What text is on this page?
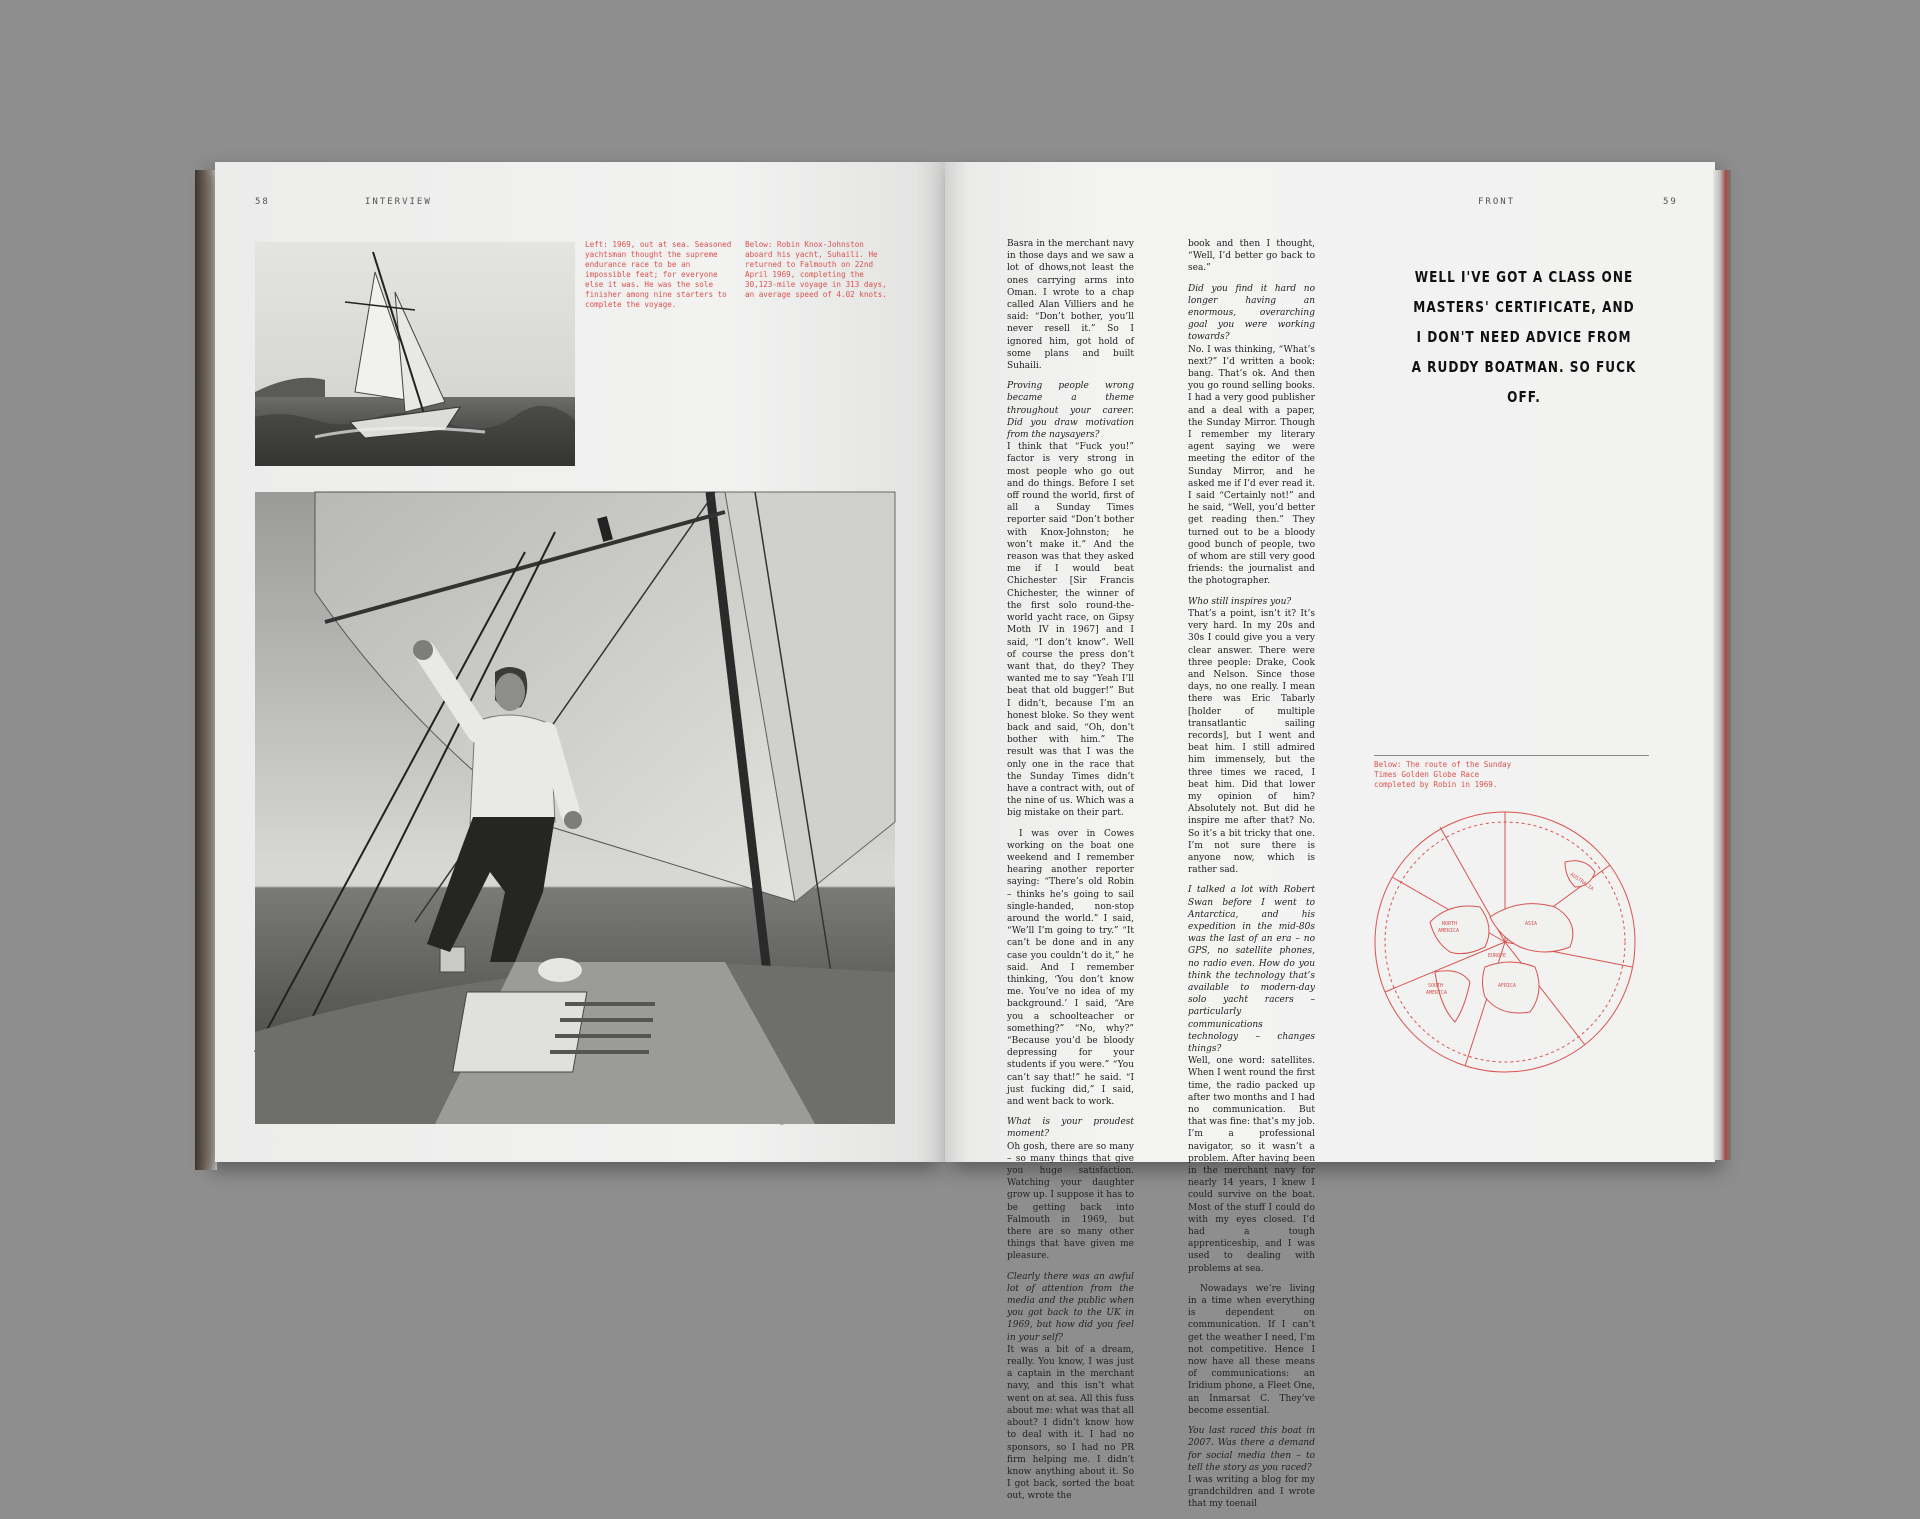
58	INTERVIEW
Left: 1969, out at sea. Seasoned yachtsman thought the supreme endurance race to be an impossible feat; for everyone else it was. He was the sole finisher among nine starters to complete the voyage.
Below: Robin Knox-Johnston aboard his yacht, Suhaili. He returned to Falmouth on 22nd April 1969, completing the 30,123-mile voyage in 313 days, an average speed of 4.02 knots.
FRONT	59

Basra in the merchant navy in those days and we saw a lot of dhows,not least the ones carrying arms into Oman. I wrote to a chap called Alan Villiers and he said: “Don’t bother, you’ll never resell it.” So I ignored him, got hold of some plans and built Suhaili.

Proving people wrong became a theme throughout your career. Did you draw motivation from the naysayers?

I think that “Fuck you!” factor is very strong in most people who go out and do things. Before I set off round the world, first of all a Sunday Times reporter said “Don’t bother with Knox-Johnston; he won’t make it.” And the reason was that they asked me if I would beat Chichester [Sir Francis Chichester, the winner of the first solo round-the-world yacht race, on Gipsy Moth IV in 1967] and I said, “I don’t know”. Well of course the press don’t want that, do they? They wanted me to say “Yeah I’ll beat that old bugger!” But I didn’t, because I’m an honest bloke. So they went back and said, “Oh, don’t bother with him.” The result was that I was the only one in the race that the Sunday Times didn’t have a contract with, out of the nine of us. Which was a big mistake on their part.

I was over in Cowes working on the boat one weekend and I remember hearing another reporter saying: “There’s old Robin – thinks he’s going to sail single-handed, non-stop around the world.” I said, “We’ll I’m going to try.” “It can’t be done and in any case you couldn’t do it,” he said. And I remember thinking, ‘You don’t know me. You’ve no idea of my background.’ I said, “Are you a schoolteacher or something?” “No, why?” “Because you’d be bloody depressing for your students if you were.” “You can’t say that!” he said. “I just fucking did,” I said, and went back to work.

What is your proudest moment?

Oh gosh, there are so many – so many things that give you huge satisfaction. Watching your daughter grow up. I suppose it has to be getting back into Falmouth in 1969, but there are so many other things that have given me pleasure.

Clearly there was an awful lot of attention from the media and the public when you got back to the UK in 1969, but how did you feel in your self?

It was a bit of a dream, really. You know, I was just a captain in the merchant navy, and this isn’t what went on at sea. All this fuss about me: what was that all about? I didn’t know how to deal with it. I had no sponsors, so I had no PR firm helping me. I didn’t know anything about it. So I got back, sorted the boat out, wrote the

book and then I thought, “Well, I’d better go back to sea.”

Did you find it hard no longer having an enormous, overarching goal you were working towards?

No. I was thinking, “What’s next?” I’d written a book: bang. That’s ok. And then you go round selling books. I had a very good publisher and a deal with a paper, the Sunday Mirror. Though I remember my literary agent saying we were meeting the editor of the Sunday Mirror, and he asked me if I’d ever read it. I said “Certainly not!” and he said, “Well, you’d better get reading then.” They turned out to be a bloody good bunch of people, two of whom are still very good friends: the journalist and the photographer.

Who still inspires you?

That’s a point, isn’t it? It’s very hard. In my 20s and 30s I could give you a very clear answer. There were three people: Drake, Cook and Nelson. Since those days, no one really. I mean there was Eric Tabarly [holder of multiple transatlantic sailing records], but I went and beat him. I still admired him immensely, but the three times we raced, I beat him. Did that lower my opinion of him? Absolutely not. But did he inspire me after that? No. So it’s a bit tricky that one. I’m not sure there is anyone now, which is rather sad.

I talked a lot with Robert Swan before I went to Antarctica, and his expedition in the mid-80s was the last of an era – no GPS, no satellite phones, no radio even. How do you think the technology that’s available to modern-day solo yacht racers – particularly communications technology – changes things?

Well, one word: satellites. When I went round the first time, the radio packed up after two months and I had no communication. But that was fine: that’s my job. I’m a professional navigator, so it wasn’t a problem. After having been in the merchant navy for nearly 14 years, I knew I could survive on the boat. Most of the stuff I could do with my eyes closed. I’d had a tough apprenticeship, and I was used to dealing with problems at sea.

Nowadays we’re living in a time when everything is dependent on communication. If I can’t get the weather I need, I’m not competitive. Hence I now have all these means of communications: an Iridium phone, a Fleet One, an Inmarsat C. They’ve become essential.

You last raced this boat in 2007. Was there a demand for social media then – to tell the story as you raced?

I was writing a blog for my grandchildren and I wrote that my toenail

WELL I'VE GOT A CLASS ONE MASTERS' CERTIFICATE, AND I DON'T NEED ADVICE FROM A RUDDY BOATMAN. SO FUCK OFF.
Below: The route of the Sunday Times Golden Globe Race completed by Robin in 1969.
NORTH
AMERICA
ASIA
AUSTRALIA
EUROPE
AFRICA
SOUTH
AMERICA
